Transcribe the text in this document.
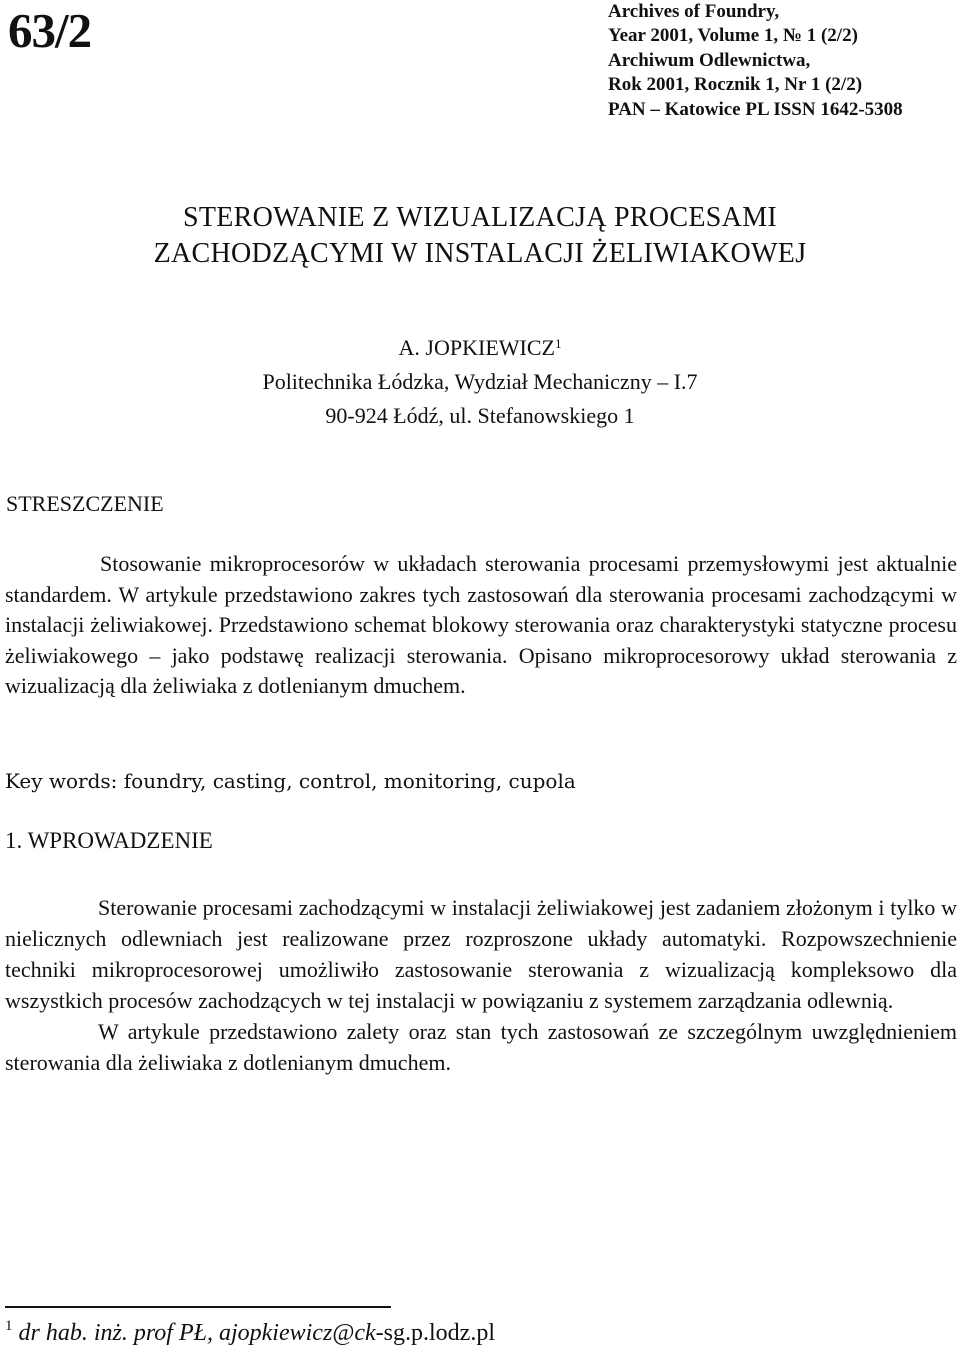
63/2	Archives of Foundry,
Year 2001, Volume 1, № 1 (2/2)
Archiwum Odlewnictwa,
Rok 2001, Rocznik 1, Nr 1 (2/2)
PAN – Katowice PL ISSN 1642-5308
STEROWANIE Z WIZUALIZACJĄ PROCESAMI
ZACHODZĄCYMI W INSTALACJI ŻELIWIAKOWEJ
A. JOPKIEWICZ$^1$
Politechnika Łódzka, Wydział Mechaniczny – I.7
90-924 Łódź, ul. Stefanowskiego 1
STRESZCZENIE
Stosowanie mikroprocesorów w układach sterowania procesami przemysłowymi jest aktualnie standardem. W artykule przedstawiono zakres tych zastosowań dla sterowania procesami zachodzącymi w instalacji żeliwiakowej. Przedstawiono schemat blokowy sterowania oraz charakterystyki statyczne procesu żeliwiakowego – jako podstawę realizacji sterowania. Opisano mikroprocesorowy układ sterowania z wizualizacją dla żeliwiaka z dotlenianym dmuchem.
Key words: foundry, casting, control, monitoring, cupola
1. WPROWADZENIE

Sterowanie procesami zachodzącymi w instalacji żeliwiakowej jest zadaniem złożonym i tylko w nielicznych odlewniach jest realizowane przez rozproszone układy automatyki. Rozpowszechnienie techniki mikroprocesorowej umożliwiło zastosowanie sterowania z wizualizacją kompleksowo dla wszystkich procesów zachodzących w tej instalacji w powiązaniu z systemem zarządzania odlewnią.

W artykule przedstawiono zalety oraz stan tych zastosowań ze szczególnym uwzględnieniem sterowania dla żeliwiaka z dotlenianym dmuchem.

$^1$ dr hab. inż. prof PŁ, ajopkiewicz@ck-sg.p.lodz.pl
